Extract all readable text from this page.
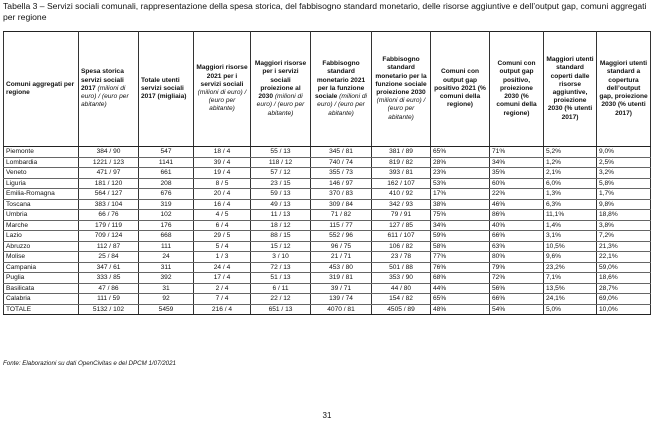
Tabella 3 – Servizi sociali comunali, rappresentazione della spesa storica, del fabbisogno standard monetario, delle risorse aggiuntive e dell’output gap, comuni aggregati per regione
Comuni aggregati per regione	Spesa storica servizi sociali 2017 (milioni di euro) / (euro per abitante)	Totale utenti servizi sociali 2017 (migliaia)	Maggiori risorse 2021 per i servizi sociali (milioni di euro) / (euro per abitante)	Maggiori risorse per i servizi sociali proiezione al 2030 (milioni di euro) / (euro per abitante)	Fabbisogno standard monetario 2021 per la funzione sociale (milioni di euro) / (euro per abitante)	Fabbisogno standard monetario per la funzione sociale proiezione 2030 (milioni di euro) / (euro per abitante)	Comuni con output gap positivo 2021 (% comuni della regione)	Comuni con output gap positivo, proiezione 2030 (% comuni della regione)	Maggiori utenti standard coperti dalle risorse aggiuntive, proiezione 2030 (% utenti 2017)	Maggiori utenti standard a copertura dell’output gap, proiezione 2030 (% utenti 2017)
Piemonte	384 / 90	547	18 / 4	55 / 13	345 / 81	381 / 89	65%	71%	5,2%	9,0%
Lombardia	1221 / 123	1141	39 / 4	118 / 12	740 / 74	819 / 82	28%	34%	1,2%	2,5%
Veneto	471 / 97	661	19 / 4	57 / 12	355 / 73	393 / 81	23%	35%	2,1%	3,2%
Liguria	181 / 120	208	8 / 5	23 / 15	146 / 97	162 / 107	53%	60%	6,0%	5,8%
Emilia-Romagna	564 / 127	676	20 / 4	59 / 13	370 / 83	410 / 92	17%	22%	1,3%	1,7%
Toscana	383 / 104	319	16 / 4	49 / 13	309 / 84	342 / 93	38%	46%	6,3%	9,8%
Umbria	66 / 76	102	4 / 5	11 / 13	71 / 82	79 / 91	75%	86%	11,1%	18,8%
Marche	179 / 119	176	6 / 4	18 / 12	115 / 77	127 / 85	34%	40%	1,4%	3,8%
Lazio	709 / 124	668	29 / 5	88 / 15	552 / 96	611 / 107	59%	66%	3,1%	7,2%
Abruzzo	112 / 87	111	5 / 4	15 / 12	96 / 75	106 / 82	58%	63%	10,5%	21,3%
Molise	25 / 84	24	1 / 3	3 / 10	21 / 71	23 / 78	77%	80%	9,6%	22,1%
Campania	347 / 61	311	24 / 4	72 / 13	453 / 80	501 / 88	76%	79%	23,2%	59,0%
Puglia	333 / 85	392	17 / 4	51 / 13	319 / 81	353 / 90	68%	72%	7,1%	18,6%
Basilicata	47 / 86	31	2 / 4	6 / 11	39 / 71	44 / 80	44%	56%	13,5%	28,7%
Calabria	111 / 59	92	7 / 4	22 / 12	139 / 74	154 / 82	65%	66%	24,1%	69,0%
TOTALE	5132 / 102	5459	216 / 4	651 / 13	4070 / 81	4505 / 89	48%	54%	5,0%	10,0%
Fonte: Elaborazioni su dati OpenCivitas e del DPCM 1/07/2021
31
